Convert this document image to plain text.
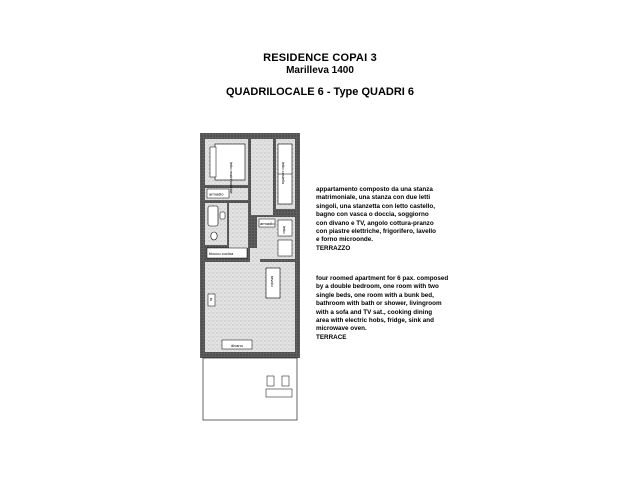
RESIDENCE COPAI 3
Marilleva 1400
QUADRILOCALE 6 - Type QUADRI 6
letto matrimoniale	letto castello
armadio
blocco cucina
letto
armadio
tavolo
tv
divano
appartamento composto da una stanza
matrimoniale, una stanza con due letti
singoli, una stanzetta con letto castello,
bagno con vasca o doccia, soggiorno
con divano e TV, angolo cottura-pranzo
con piastre elettriche, frigorifero, lavello
e forno microonde.
TERRAZZO
four roomed apartment for 6 pax. composed
by a double bedroom, one room with two
single beds, one room with a bunk bed,
bathroom with bath or shower, livingroom
with a sofa and TV sat., cooking dining
area with electric hobs, fridge, sink and
microwave oven.
TERRACE
